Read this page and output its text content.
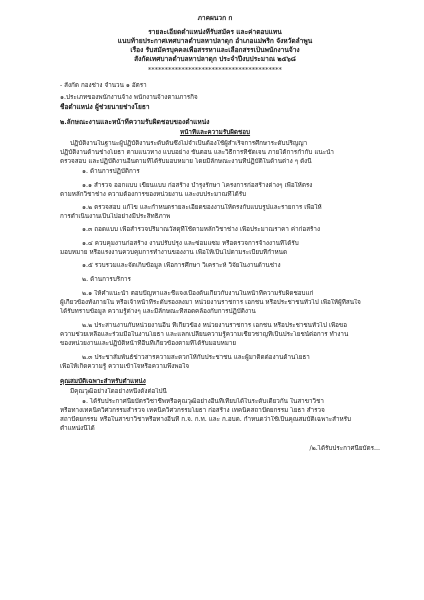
ภาคผนวก ก
รายละเอียดตำแหน่งที่รับสมัคร และค่าตอบแทน
แนบท้ายประกาศเทศบาลตำบลหาปลาดุก อำเภอแม่พริก จังหวัดลำพูน
เรื่อง รับสมัครบุคคลเพื่อสรรหาและเลือกสรรเป็นพนักงานจ้าง
สังกัดเทศบาลตำบลหาปลาดุก ประจำปีงบประมาณ ๒๕๖๘
****************************************
- สังกัด กองช่าง จำนวน ๑ อัตรา
๑.ประเภทของพนักงานจ้าง พนักงานจ้างตามภารกิจ
ชื่อตำแหน่ง ผู้ช่วยนายช่างโยธา
๒.ลักษณะงานและหน้าที่ความรับผิดชอบของตำแหน่ง
หน้าที่และความรับผิดชอบ
ปฏิบัติงานในฐานะผู้ปฏิบัติงานระดับต้นซึ่งไม่จำเป็นต้องใช้ผู้สำเร็จการศึกษาระดับปริญญา
ปฏิบัติงานด้านช่างโยธา ตามแนวทาง แบบอย่าง ขั้นตอน และวิธีการที่ชัดเจน ภายใต้การกำกับ แนะนำ
ตรวจสอบ และปฏิบัติงานอื่นตามที่ได้รับมอบหมาย โดยมีลักษณะงานที่ปฏิบัติในด้านต่าง ๆ ดังนี้
๑. ด้านการปฏิบัติการ
๑.๑ สำรวจ ออกแบบ เขียนแบบ ก่อสร้าง บำรุงรักษา โครงการก่อสร้างต่างๆ เพื่อให้ตรง
ตามหลักวิชาช่าง ความต้องการของหน่วยงาน และงบประมาณที่ได้รับ
๑.๒ ตรวจสอบ แก้ไข และกำหนดรายละเอียดของงานให้ตรงกับแบบรูปและรายการ เพื่อให้
การดำเนินงานเป็นไปอย่างมีประสิทธิภาพ
๑.๓ ถอดแบบ เพื่อสำรวจปริมาณวัสดุที่ใช้ตามหลักวิชาช่าง เพื่อประมาณราคา ค่าก่อสร้าง
๑.๔ ควบคุมงานก่อสร้าง งานปรับปรุง และซ่อมแซม หรือตรวจการจ้างงานที่ได้รับ
มอบหมาย หรือแรงงานควบคุมการทำงานของงาน เพื่อให้เป็นไปตามระเบียบที่กำหนด
๑.๕ รวบรวมและจัดเก็บข้อมูล เพื่อการศึกษา วิเคราะห์ วิจัยในงานด้านช่าง
๒. ด้านการบริการ
๒.๑ ให้คำแนะนำ ตอบปัญหาและชี้แจงเบื้องต้นเกี่ยวกับงานในหน้าที่ความรับผิดชอบแก่
ผู้เกี่ยวข้องทั้งภายใน หรือเจ้าหน้าที่ระดับรองลงมา หน่วยงานราชการ เอกชน หรือประชาชนทั่วไป เพื่อให้ผู้ที่สนใจ
ได้รับทราบข้อมูล ความรู้ต่างๆ และมีลักษณะที่สอดคล้องกับการปฏิบัติงาน
๒.๒ ประสานงานกับหน่วยงานอื่น ที่เกี่ยวข้อง หน่วยงานราชการ เอกชน หรือประชาชนทั่วไป เพื่อขอ
ความช่วยเหลือและร่วมมือในงานโยธา และแลกเปลี่ยนความรู้ความเชี่ยวชาญที่เป็นประโยชน์ต่อการ ทำงาน
ของหน่วยงานและปฏิบัติหน้าที่อื่นที่เกี่ยวข้องตามที่ได้รับมอบหมาย
๒.๓ ประชาสัมพันธ์ข่าวสารความสะดวกให้กับประชาชน และผู้มาติดต่องานด้านโยธา
เพื่อให้เกิดความรู้ ความเข้าใจหรือความพึงพอใจ
คุณสมบัติเฉพาะสำหรับตำแหน่ง
มีคุณวุฒิอย่างใดอย่างหนึ่งดังต่อไปนี้
๑. ได้รับประกาศนียบัตรวิชาชีพหรือคุณวุฒิอย่างอื่นที่เทียบได้ในระดับเดียวกัน ในสาขาวิชา
หรือทางเทคนิควิศวกรรมสำรวจ เทคนิควิศวกรรมโยธา ก่อสร้าง เทคนิคสถาปัตยกรรม โยธา สำรวจ
สถาปัตยกรรม หรือในสาขาวิชาหรือทางอื่นที่ ก.จ. ก.ท. และ ก.อบต. กำหนดว่าใช้เป็นคุณสมบัติเฉพาะสำหรับ
ตำแหน่งนี้ได้
/๒.ได้รับประกาศนียบัตร...
